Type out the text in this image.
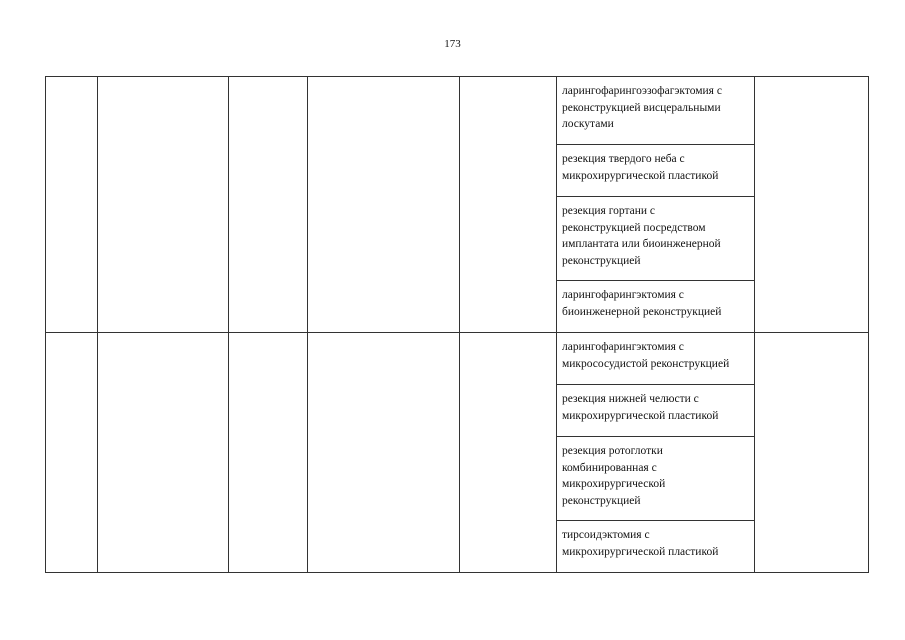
173

					ларингофарингоэзофагэктомия с
реконструкцией висцеральными
лоскутами	

					резекция твердого неба с
микрохирургической пластикой	

					резекция гортани с
реконструкцией посредством
имплантата или биоинженерной
реконструкцией	

					ларингофарингэктомия с
биоинженерной реконструкцией	

					ларингофарингэктомия с
микрососудистой реконструкцией	

					резекция нижней челюсти с
микрохирургической пластикой	

					резекция ротоглотки
комбинированная с
микрохирургической
реконструкцией	

					тирсоидэктомия с
микрохирургической пластикой	
